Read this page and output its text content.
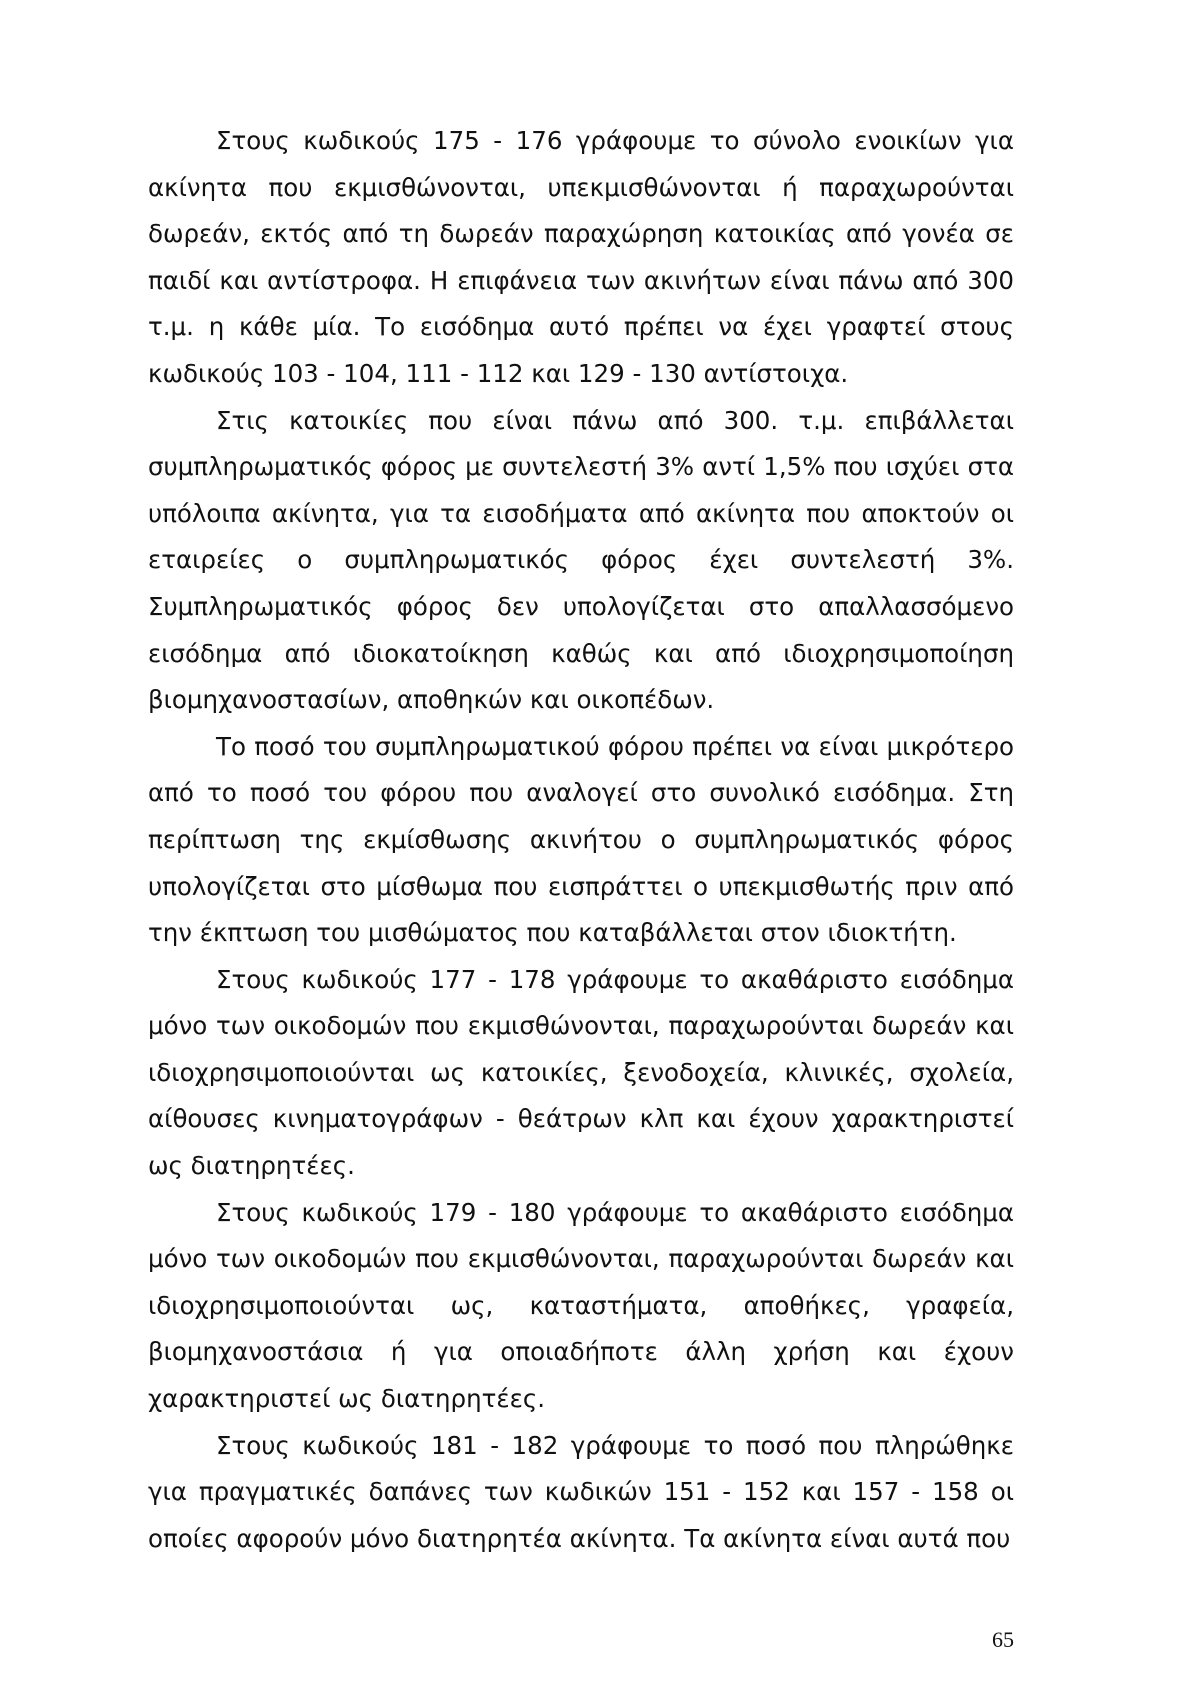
Στους κωδικούς 175 - 176 γράφουμε το σύνολο ενοικίων για ακίνητα που εκμισθώνονται, υπεκμισθώνονται ή παραχωρούνται δωρεάν, εκτός από τη δωρεάν παραχώρηση κατοικίας από γονέα σε παιδί και αντίστροφα. Η επιφάνεια των ακινήτων είναι πάνω από 300 τ.μ. η κάθε μία. Το εισόδημα αυτό πρέπει να έχει γραφτεί στους κωδικούς 103 - 104, 111 - 112 και 129 - 130 αντίστοιχα.

Στις κατοικίες που είναι πάνω από 300. τ.μ. επιβάλλεται συμπληρωματικός φόρος με συντελεστή 3% αντί 1,5% που ισχύει στα υπόλοιπα ακίνητα, για τα εισοδήματα από ακίνητα που αποκτούν οι εταιρείες ο συμπληρωματικός φόρος έχει συντελεστή 3%. Συμπληρωματικός φόρος δεν υπολογίζεται στο απαλλασσόμενο εισόδημα από ιδιοκατοίκηση καθώς και από ιδιοχρησιμοποίηση βιομηχανοστασίων, αποθηκών και οικοπέδων.

Το ποσό του συμπληρωματικού φόρου πρέπει να είναι μικρότερο από το ποσό του φόρου που αναλογεί στο συνολικό εισόδημα. Στη περίπτωση της εκμίσθωσης ακινήτου ο συμπληρωματικός φόρος υπολογίζεται στο μίσθωμα που εισπράττει ο υπεκμισθωτής πριν από την έκπτωση του μισθώματος που καταβάλλεται στον ιδιοκτήτη.

Στους κωδικούς 177 - 178 γράφουμε το ακαθάριστο εισόδημα μόνο των οικοδομών που εκμισθώνονται, παραχωρούνται δωρεάν και ιδιοχρησιμοποιούνται ως κατοικίες, ξενοδοχεία, κλινικές, σχολεία, αίθουσες κινηματογράφων - θεάτρων κλπ και έχουν χαρακτηριστεί ως διατηρητέες.

Στους κωδικούς 179 - 180 γράφουμε το ακαθάριστο εισόδημα μόνο των οικοδομών που εκμισθώνονται, παραχωρούνται δωρεάν και ιδιοχρησιμοποιούνται ως, καταστήματα, αποθήκες, γραφεία, βιομηχανοστάσια ή για οποιαδήποτε άλλη χρήση και έχουν χαρακτηριστεί ως διατηρητέες.

Στους κωδικούς 181 - 182 γράφουμε το ποσό που πληρώθηκε για πραγματικές δαπάνες των κωδικών 151 - 152 και 157 - 158 οι οποίες αφορούν μόνο διατηρητέα ακίνητα. Τα ακίνητα είναι αυτά που

65
